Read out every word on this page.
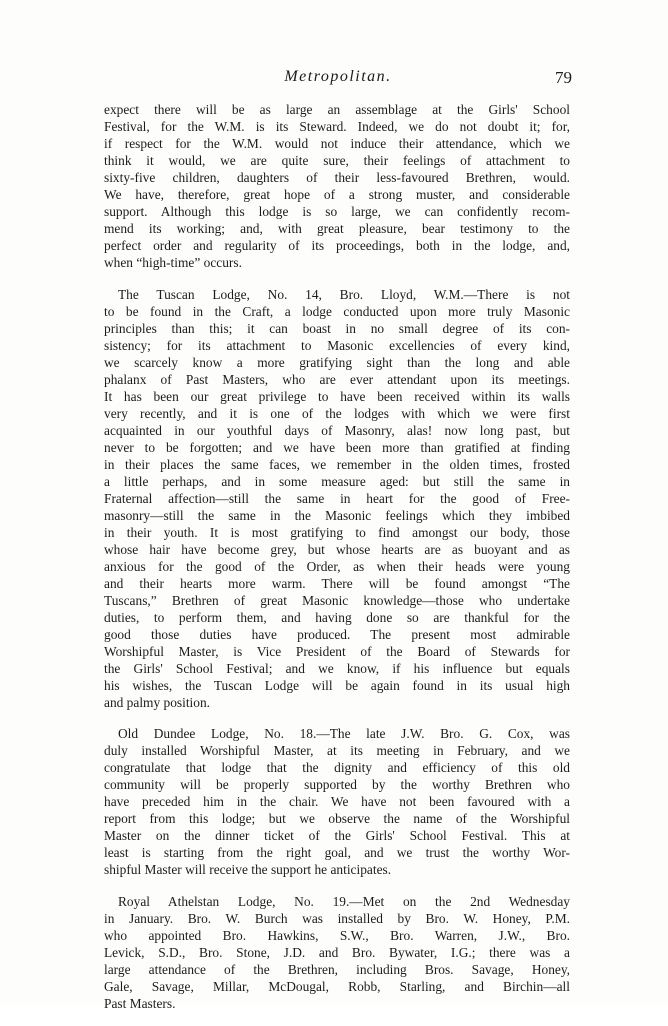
Metropolitan.	79
expect there will be as large an assemblage at the Girls' School
Festival, for the W.M. is its Steward. Indeed, we do not doubt it; for,
if respect for the W.M. would not induce their attendance, which we
think it would, we are quite sure, their feelings of attachment to
sixty-five children, daughters of their less-favoured Brethren, would.
We have, therefore, great hope of a strong muster, and considerable
support. Although this lodge is so large, we can confidently recom-
mend its working; and, with great pleasure, bear testimony to the
perfect order and regularity of its proceedings, both in the lodge, and,
when “high-time” occurs.
The Tuscan Lodge, No. 14, Bro. Lloyd, W.M.—There is not
to be found in the Craft, a lodge conducted upon more truly Masonic
principles than this; it can boast in no small degree of its con-
sistency; for its attachment to Masonic excellencies of every kind,
we scarcely know a more gratifying sight than the long and able
phalanx of Past Masters, who are ever attendant upon its meetings.
It has been our great privilege to have been received within its walls
very recently, and it is one of the lodges with which we were first
acquainted in our youthful days of Masonry, alas! now long past, but
never to be forgotten; and we have been more than gratified at finding
in their places the same faces, we remember in the olden times, frosted
a little perhaps, and in some measure aged: but still the same in
Fraternal affection—still the same in heart for the good of Free-
masonry—still the same in the Masonic feelings which they imbibed
in their youth. It is most gratifying to find amongst our body, those
whose hair have become grey, but whose hearts are as buoyant and as
anxious for the good of the Order, as when their heads were young
and their hearts more warm. There will be found amongst “The
Tuscans,” Brethren of great Masonic knowledge—those who undertake
duties, to perform them, and having done so are thankful for the
good those duties have produced. The present most admirable
Worshipful Master, is Vice President of the Board of Stewards for
the Girls' School Festival; and we know, if his influence but equals
his wishes, the Tuscan Lodge will be again found in its usual high
and palmy position.
Old Dundee Lodge, No. 18.—The late J.W. Bro. G. Cox, was
duly installed Worshipful Master, at its meeting in February, and we
congratulate that lodge that the dignity and efficiency of this old
community will be properly supported by the worthy Brethren who
have preceded him in the chair. We have not been favoured with a
report from this lodge; but we observe the name of the Worshipful
Master on the dinner ticket of the Girls' School Festival. This at
least is starting from the right goal, and we trust the worthy Wor-
shipful Master will receive the support he anticipates.
Royal Athelstan Lodge, No. 19.—Met on the 2nd Wednesday
in January. Bro. W. Burch was installed by Bro. W. Honey, P.M.
who appointed Bro. Hawkins, S.W., Bro. Warren, J.W., Bro.
Levick, S.D., Bro. Stone, J.D. and Bro. Bywater, I.G.; there was a
large attendance of the Brethren, including Bros. Savage, Honey,
Gale, Savage, Millar, McDougal, Robb, Starling, and Birchin—all
Past Masters.
